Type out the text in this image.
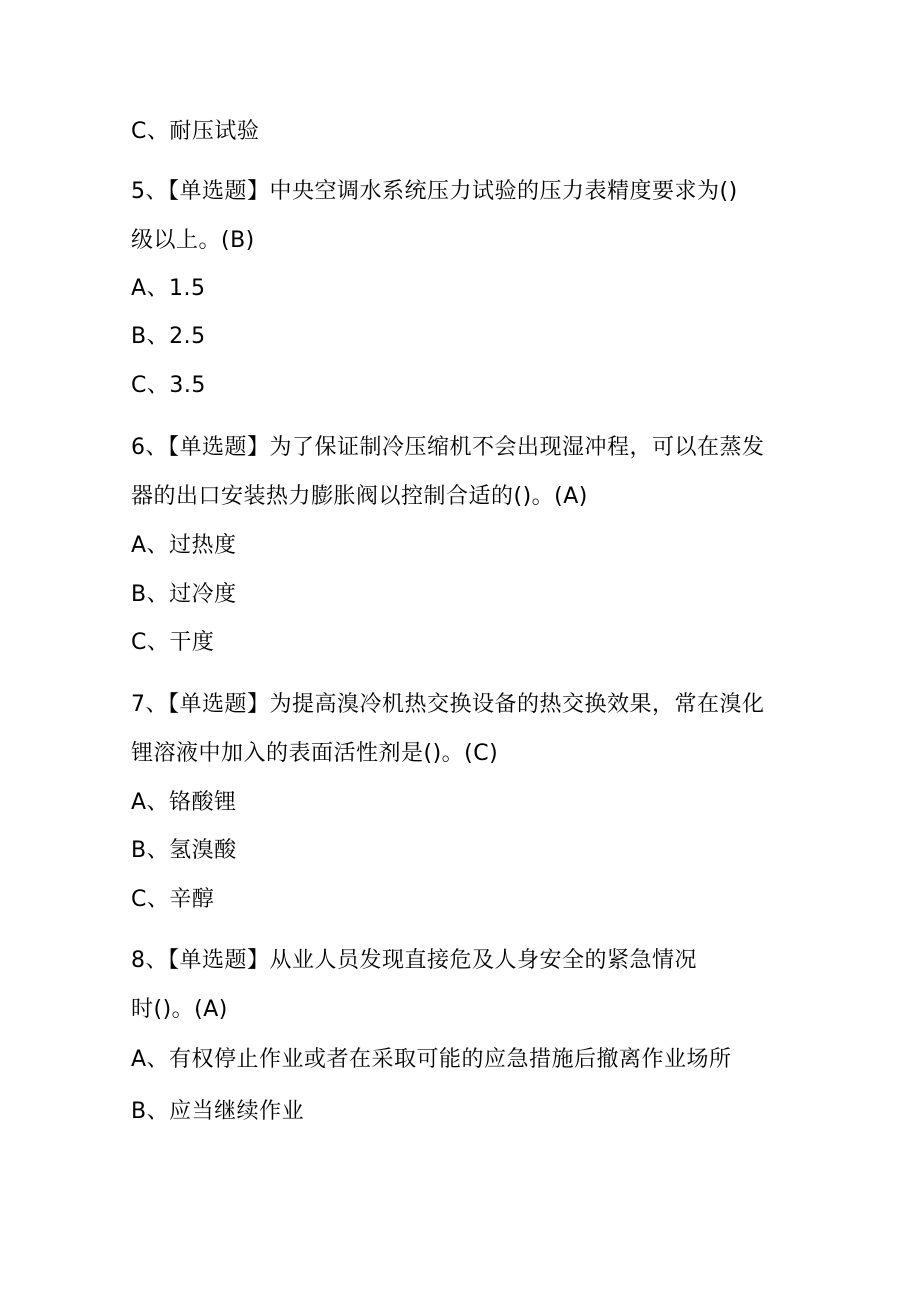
C、耐压试验
5、【单选题】中央空调水系统压力试验的压力表精度要求为()
级以上。(B)
A、1.5
B、2.5
C、3.5
6、【单选题】为了保证制冷压缩机不会出现湿冲程，可以在蒸发
器的出口安装热力膨胀阀以控制合适的()。(A)
A、过热度
B、过冷度
C、干度
7、【单选题】为提高溴冷机热交换设备的热交换效果，常在溴化
锂溶液中加入的表面活性剂是()。(C)
A、铬酸锂
B、氢溴酸
C、辛醇
8、【单选题】从业人员发现直接危及人身安全的紧急情况
时()。(A)
A、有权停止作业或者在采取可能的应急措施后撤离作业场所
B、应当继续作业
